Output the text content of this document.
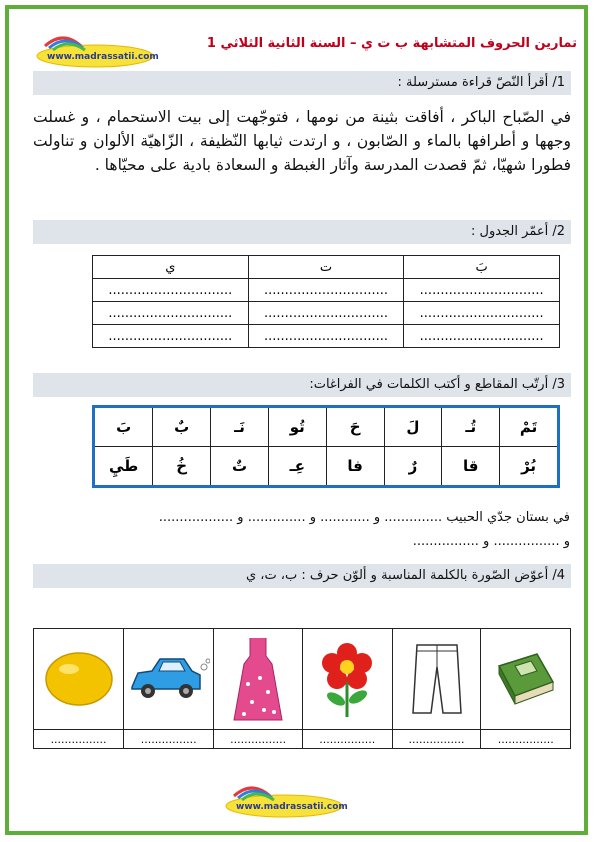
www.madrassatii.com
تمارين الحروف المتشابهة ب ت ي – السنة الثانية الثلاثي 1
1/ أقرأ النّصّ قراءة مسترسلة :
في الصّباح الباكر ، أفاقت بثينة من نومها ، فتوجّهت إلى بيت الاستحمام ، و غسلت وجهها و أطرافها بالماء و الصّابون ، و ارتدت ثيابها النّظيفة ، الزّاهيّة الألوان و تناولت فطورا شهيّا، ثمّ قصدت المدرسة وآثار الغبطة و السعادة بادية على محيّاها .
2/ أعمّر الجدول :
بَ	ت	ي
..............................	..............................	..............................
..............................	..............................	..............................
..............................	..............................	..............................
3/ أرتّب المقاطع و أكتب الكلمات في الفراغات:
تَمْ	تُـ	لَ	حَ	تُو	نَـ	بٌ	بَ
بُرْ	قا	رٌ	فا	عِـ	تٌ	خُ	طَيِ
في بستان جدّي الحبيب .............. و ............ و .............. و ..................
و ................ و ................
4/ أعوّض الصّورة بالكلمة المناسبة و ألوّن حرف : ب، ت، ي

................	................	................	................	................	................
www.madrassatii.com
